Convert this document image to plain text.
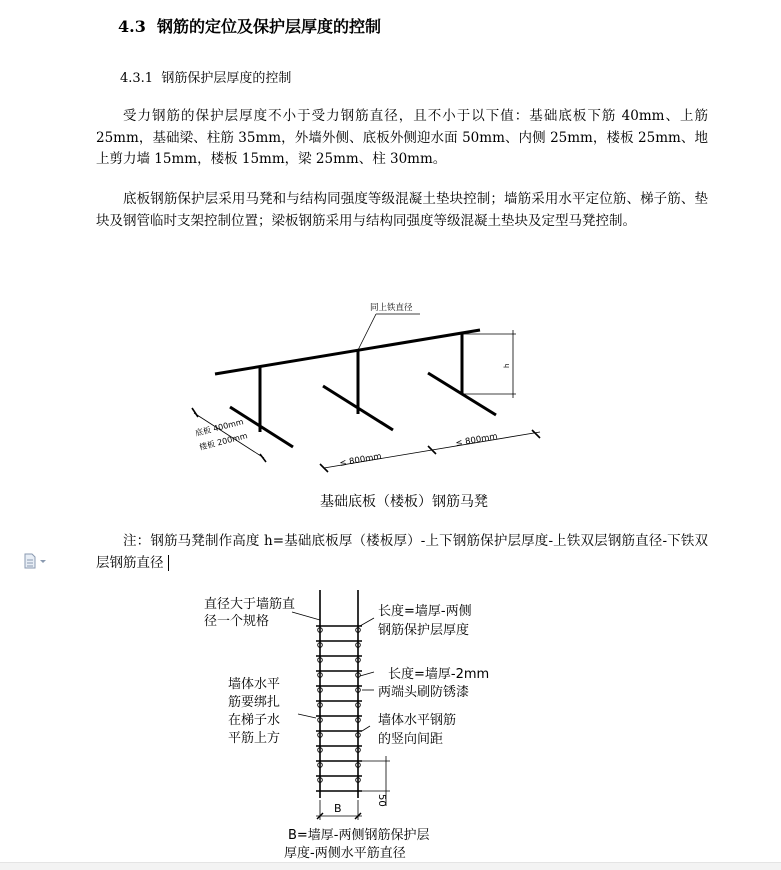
4.3 钢筋的定位及保护层厚度的控制
4.3.1 钢筋保护层厚度的控制

受力钢筋的保护层厚度不小于受力钢筋直径，且不小于以下值：基础底板下筋 40mm、上筋 25mm，基础梁、柱筋 35mm，外墙外侧、底板外侧迎水面 50mm、内侧 25mm，楼板 25mm、地上剪力墙 15mm，楼板 15mm，梁 25mm、柱 30mm。

底板钢筋保护层采用马凳和与结构同强度等级混凝土垫块控制；墙筋采用水平定位筋、梯子筋、垫块及钢管临时支架控制位置；梁板钢筋采用与结构同强度等级混凝土垫块及定型马凳控制。

同上铁直径
h
底板 400mm
楼板 200mm
≤ 800mm
≤ 800mm
基础底板（楼板）钢筋马凳

注：钢筋马凳制作高度 h=基础底板厚（楼板厚）-上下钢筋保护层厚度-上铁双层钢筋直径-下铁双层钢筋直径

直径大于墙筋直
径一个规格
长度=墙厚-两侧
钢筋保护层厚度
长度=墙厚-2mm
两端头刷防锈漆
墙体水平
筋要绑扎
在梯子水
平筋上方
墙体水平钢筋
的竖向间距
B
50
B=墙厚-两侧钢筋保护层
厚度-两侧水平筋直径
